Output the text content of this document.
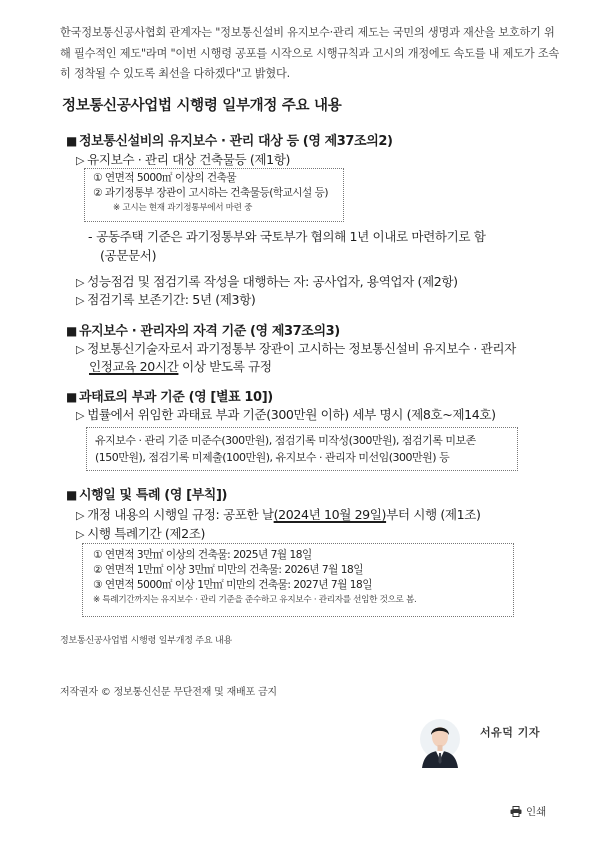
한국정보통신공사협회 관계자는 "정보통신설비 유지보수·관리 제도는 국민의 생명과 재산을 보호하기 위해 필수적인 제도"라며 "이번 시행령 공포를 시작으로 시행규칙과 고시의 개정에도 속도를 내 제도가 조속히 정착될 수 있도록 최선을 다하겠다"고 밝혔다.

정보통신공사업법 시행령 일부개정 주요 내용
■ 정보통신설비의 유지보수 · 관리 대상 등 (영 제37조의2)
▷ 유지보수 · 관리 대상 건축물등 (제1항)
① 연면적 5000㎡ 이상의 건축물
② 과기정통부 장관이 고시하는 건축물등(학교시설 등)
※ 고시는 현재 과기정통부에서 마련 중
- 공동주택 기준은 과기정통부와 국토부가 협의해 1년 이내로 마련하기로 함
(공문문서)
▷ 성능점검 및 점검기록 작성을 대행하는 자: 공사업자, 용역업자 (제2항)
▷ 점검기록 보존기간: 5년 (제3항)
■ 유지보수 · 관리자의 자격 기준 (영 제37조의3)
▷ 정보통신기술자로서 과기정통부 장관이 고시하는 정보통신설비 유지보수 · 관리자
인정교육 20시간 이상 받도록 규정
■ 과태료의 부과 기준 (영 [별표 10])
▷ 법률에서 위임한 과태료 부과 기준(300만원 이하) 세부 명시 (제8호~제14호)
유지보수 · 관리 기준 미준수(300만원), 점검기록 미작성(300만원), 점검기록 미보존
(150만원), 점검기록 미제출(100만원), 유지보수 · 관리자 미선임(300만원) 등
■ 시행일 및 특례 (영 [부칙])
▷ 개정 내용의 시행일 규정: 공포한 날(2024년 10월 29일)부터 시행 (제1조)
▷ 시행 특례기간 (제2조)
① 연면적 3만㎡ 이상의 건축물: 2025년 7월 18일
② 연면적 1만㎡ 이상 3만㎡ 미만의 건축물: 2026년 7월 18일
③ 연면적 5000㎡ 이상 1만㎡ 미만의 건축물: 2027년 7월 18일
※ 특례기간까지는 유지보수 · 관리 기준을 준수하고 유지보수 · 관리자를 선임한 것으로 봄.
정보통신공사업법 시행령 일부개정 주요 내용
저작권자 © 정보통신신문 무단전재 및 재배포 금지
서유덕 기자
인쇄
